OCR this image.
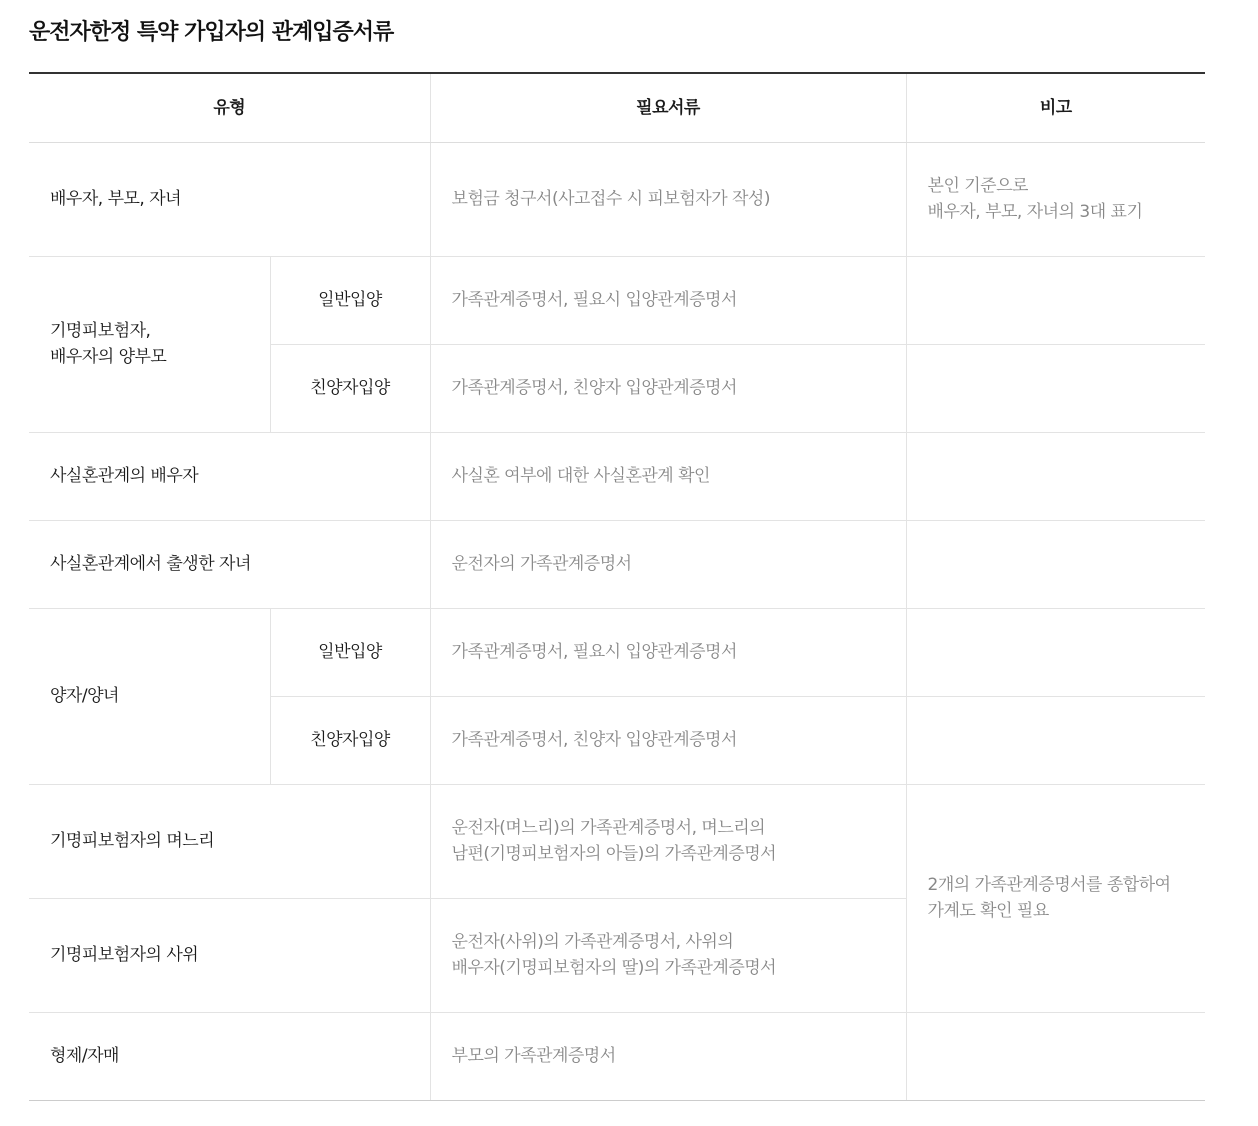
운전자한정 특약 가입자의 관계입증서류
유형		필요서류	비고
배우자, 부모, 자녀		보험금 청구서(사고접수 시 피보험자가 작성)	본인 기준으로
배우자, 부모, 자녀의 3대 표기

기명피보험자,
배우자의 양부모	일반입양	가족관계증명서, 필요시 입양관계증명서	
	친양자입양	가족관계증명서, 친양자 입양관계증명서	
사실혼관계의 배우자		사실혼 여부에 대한 사실혼관계 확인	
사실혼관계에서 출생한 자녀		운전자의 가족관계증명서	
양자/양녀	일반입양	가족관계증명서, 필요시 입양관계증명서	
	친양자입양	가족관계증명서, 친양자 입양관계증명서	
기명피보험자의 며느리		운전자(며느리)의 가족관계증명서, 며느리의
남편(기명피보험자의 아들)의 가족관계증명서	2개의 가족관계증명서를 종합하여
가계도 확인 필요

기명피보험자의 사위		운전자(사위)의 가족관계증명서, 사위의
배우자(기명피보험자의 딸)의 가족관계증명서	

형제/자매		부모의 가족관계증명서	
